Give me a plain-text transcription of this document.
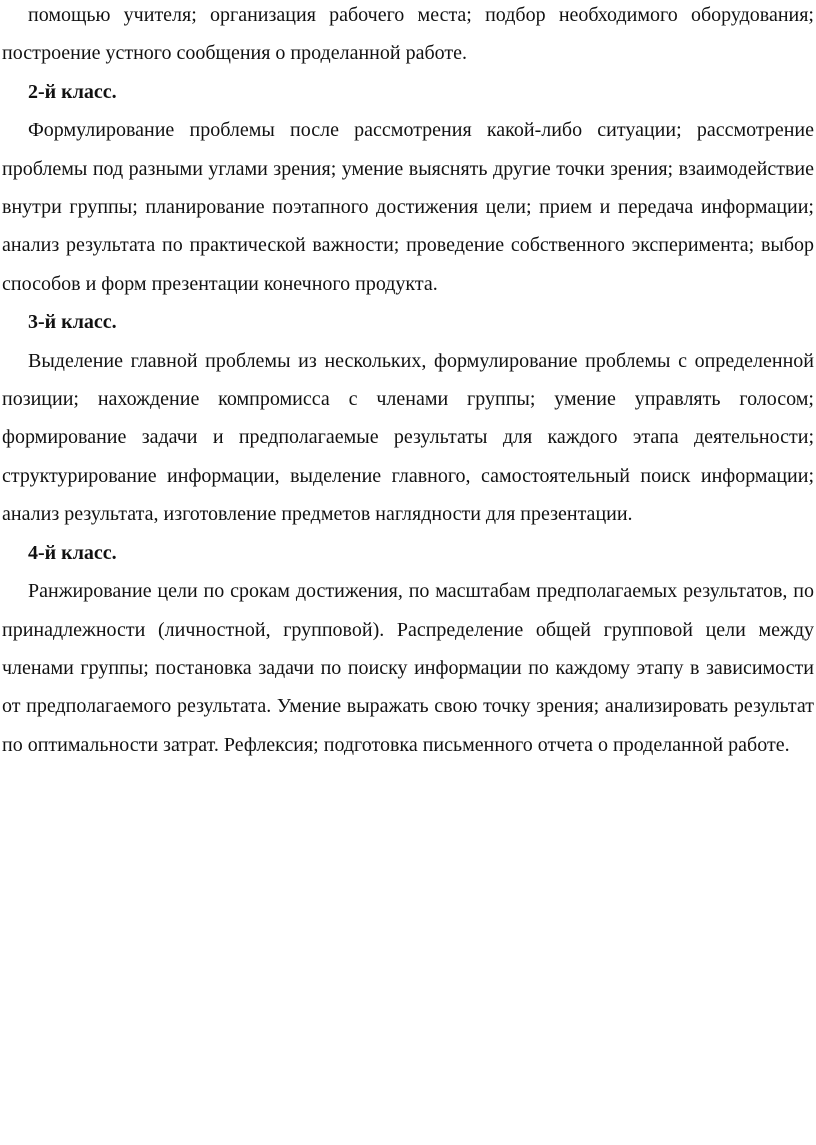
помощью учителя; организация рабочего места; подбор необходимого оборудования; построение устного сообщения о проделанной работе.

2-й класс.

Формулирование проблемы после рассмотрения какой-либо ситуации; рассмотрение проблемы под разными углами зрения; умение выяснять другие точки зрения; взаимодействие внутри группы; планирование поэтапного достижения цели; прием и передача информации; анализ результата по практической важности; проведение собственного эксперимента; выбор способов и форм презентации конечного продукта.

3-й класс.

Выделение главной проблемы из нескольких, формулирование проблемы с определенной позиции; нахождение компромисса с членами группы; умение управлять голосом; формирование задачи и предполагаемые результаты для каждого этапа деятельности; структурирование информации, выделение главного, самостоятельный поиск информации; анализ результата, изготовление предметов наглядности для презентации.

4-й класс.

Ранжирование цели по срокам достижения, по масштабам предполагаемых результатов, по принадлежности (личностной, групповой). Распределение общей групповой цели между членами группы; постановка задачи по поиску информации по каждому этапу в зависимости от предполагаемого результата. Умение выражать свою точку зрения; анализировать результат по оптимальности затрат. Рефлексия; подготовка письменного отчета о проделанной работе.
